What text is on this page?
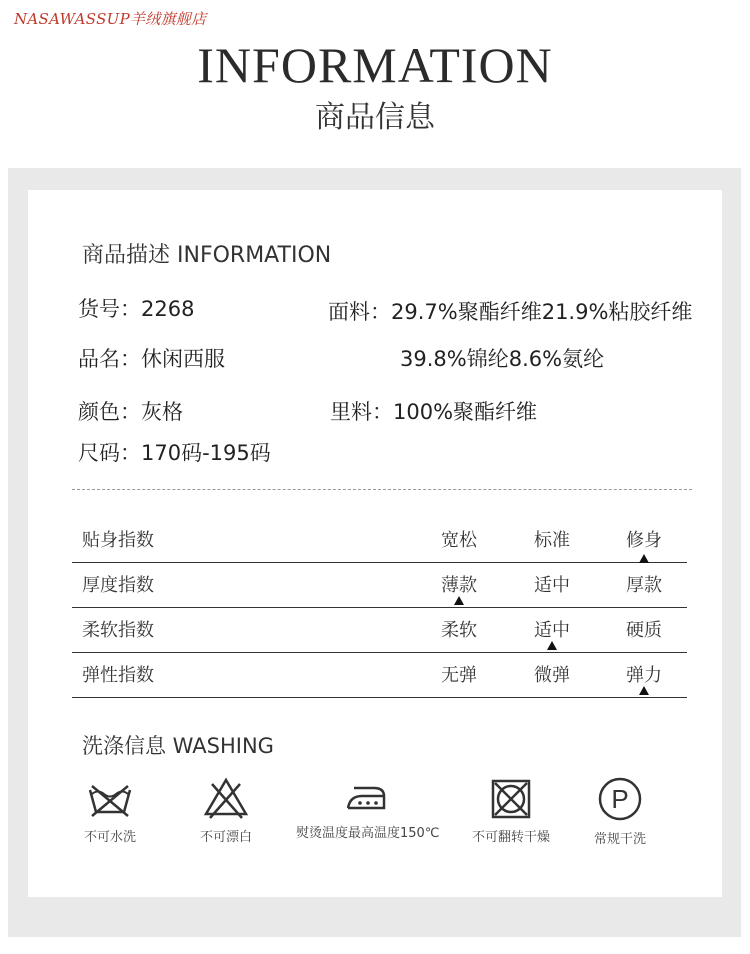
NASAWASSUP羊绒旗舰店
INFORMATION
商品信息
商品描述 INFORMATION
货号：2268	面料：29.7%聚酯纤维21.9%粘胶纤维
品名：休闲西服	39.8%锦纶8.6%氨纶
颜色：灰格	里料：100%聚酯纤维
尺码：170码-195码
贴身指数	宽松	标准	修身
厚度指数	薄款	适中	厚款
柔软指数	柔软	适中	硬质
弹性指数	无弹	微弹	弹力
洗涤信息 WASHING
不可水洗	不可漂白	熨烫温度最高温度150℃	不可翻转干燥
P
常规干洗
